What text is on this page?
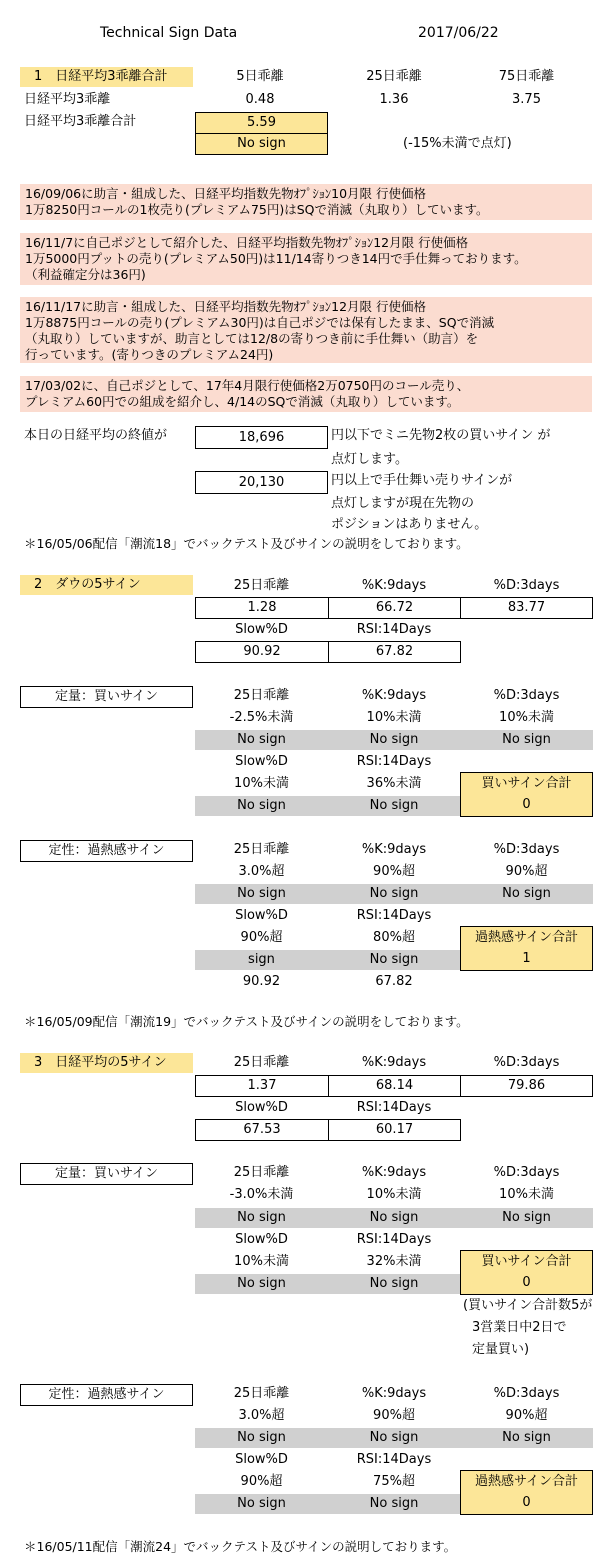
Technical Sign Data	2017/06/22
1　日経平均3乖離合計	5日乖離	25日乖離	75日乖離
日経平均3乖離	0.48	1.36	3.75
日経平均3乖離合計	5.59
No sign	(-15%未満で点灯)
16/09/06に助言・組成した、日経平均指数先物ｵﾌﾟｼｮﾝ10月限 行使価格
1万8250円コールの1枚売り(プレミアム75円)はSQで消滅（丸取り）しています。
16/11/7に自己ポジとして紹介した、日経平均指数先物ｵﾌﾟｼｮﾝ12月限 行使価格
1万5000円プットの売り(プレミアム50円)は11/14寄りつき14円で手仕舞っております。
（利益確定分は36円)
16/11/17に助言・組成した、日経平均指数先物ｵﾌﾟｼｮﾝ12月限 行使価格
1万8875円コールの売り(プレミアム30円)は自己ポジでは保有したまま、SQで消滅
（丸取り）していますが、助言としては12/8の寄りつき前に手仕舞い（助言）を
行っています。(寄りつきのプレミアム24円)
17/03/02に、自己ポジとして、17年4月限行使価格2万0750円のコール売り、
プレミアム60円での組成を紹介し、4/14のSQで消滅（丸取り）しています。
本日の日経平均の終値が	18,696	円以下でミニ先物2枚の買いサイン が
点灯します。
20,130	円以上で手仕舞い売りサインが
点灯しますが現在先物の
ポジションはありません。
＊16/05/06配信「潮流18」でバックテスト及びサインの説明をしております。
2　ダウの5サイン	25日乖離	%K:9days	%D:3days
1.28	66.72	83.77
Slow%D	RSI:14Days
90.92	67.82
定量：買いサイン	25日乖離	%K:9days	%D:3days
-2.5%未満	10%未満	10%未満
No sign	No sign	No sign
Slow%D	RSI:14Days
10%未満	36%未満
No sign	No sign
買いサイン合計
0
定性：過熱感サイン	25日乖離	%K:9days	%D:3days
3.0%超	90%超	90%超
No sign	No sign	No sign
Slow%D	RSI:14Days
90%超	80%超
sign	No sign
過熱感サイン合計
1
90.92	67.82
＊16/05/09配信「潮流19」でバックテスト及びサインの説明をしております。
3　日経平均の5サイン	25日乖離	%K:9days	%D:3days
1.37	68.14	79.86
Slow%D	RSI:14Days
67.53	60.17
定量：買いサイン	25日乖離	%K:9days	%D:3days
-3.0%未満	10%未満	10%未満
No sign	No sign	No sign
Slow%D	RSI:14Days
10%未満	32%未満
No sign	No sign
買いサイン合計
0
(買いサイン合計数5が
3営業日中2日で
定量買い)
定性：過熱感サイン	25日乖離	%K:9days	%D:3days
3.0%超	90%超	90%超
No sign	No sign	No sign
Slow%D	RSI:14Days
90%超	75%超
No sign	No sign
過熱感サイン合計
0
＊16/05/11配信「潮流24」でバックテスト及びサインの説明しております。
